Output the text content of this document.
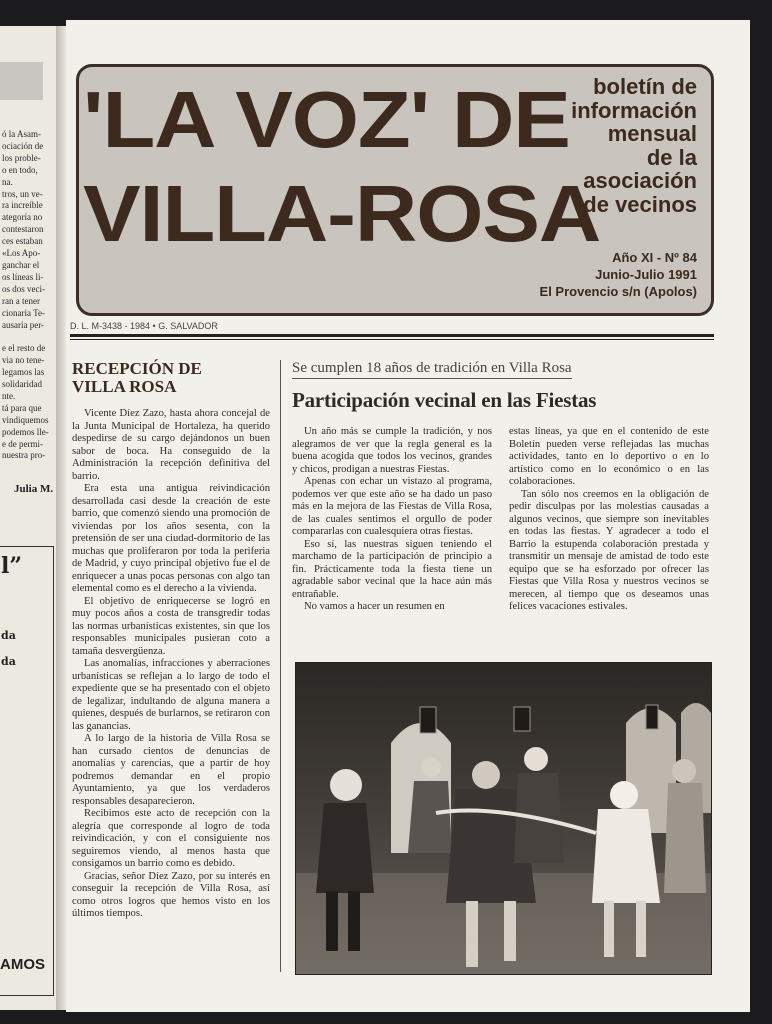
ó la Asam-
ociación de
los proble-
o en todo,
na.
tros, un ve-
ra increíble
ategoría no
contestaron
ces estaban
«Los Apo-
ganchar el
os líneas li-
os dos veci-
ran a tener
cionaria Te-
ausaria per-

e el resto de
via no tene-
legamos las
solidaridad
nte.
tá para que
vindiquemos
podemos lle-
e de permi-
nuestra pro-
Julia M.
l”
da
da
AMOS
'LA VOZ' DE
VILLA-ROSA
boletín de
información
mensual
de la
asociación
de vecinos
Año XI - Nº 84
Junio-Julio 1991
El Provencio s/n (Apolos)
D. L. M-3438 - 1984 • G. SALVADOR
RECEPCIÓN DE
VILLA ROSA

Vicente Díez Zazo, hasta ahora concejal de la Junta Municipal de Hortaleza, ha querido despedirse de su cargo dejándonos un buen sabor de boca. Ha conseguido de la Administración la recepción definitiva del barrio.

Era esta una antigua reivindicación desarrollada casi desde la creación de este barrio, que comenzó siendo una promoción de viviendas por los años sesenta, con la pretensión de ser una ciudad-dormitorio de las muchas que proliferaron por toda la periferia de Madrid, y cuyo principal objetivo fue el de enriquecer a unas pocas personas con algo tan elemental como es el derecho a la vivienda.

El objetivo de enriquecerse se logró en muy pocos años a costa de transgredir todas las normas urbanísticas existentes, sin que los responsables municipales pusieran coto a tamaña desvergüenza.

Las anomalías, infracciones y aberraciones urbanísticas se reflejan a lo largo de todo el expediente que se ha presentado con el objeto de legalizar, indultando de alguna manera a quienes, después de burlarnos, se retiraron con las ganancias.

A lo largo de la historia de Villa Rosa se han cursado cientos de denuncias de anomalías y carencias, que a partir de hoy podremos demandar en el propio Ayuntamiento, ya que los verdaderos responsables desaparecieron.

Recibimos este acto de recepción con la alegría que corresponde al logro de toda reivindicación, y con el consiguiente nos seguiremos viendo, al menos hasta que consigamos un barrio como es debido.

Gracias, señor Díez Zazo, por su interés en conseguir la recepción de Villa Rosa, así como otros logros que hemos visto en los últimos tiempos.

Se cumplen 18 años de tradición en Villa Rosa
Participación vecinal en las Fiestas

Un año más se cumple la tradición, y nos alegramos de ver que la regla general es la buena acogida que todos los vecinos, grandes y chicos, prodigan a nuestras Fiestas.

Apenas con echar un vistazo al programa, podemos ver que este año se ha dado un paso más en la mejora de las Fiestas de Villa Rosa, de las cuales sentimos el orgullo de poder compararlas con cualesquiera otras fiestas.

Eso sí, las nuestras siguen teniendo el marchamo de la participación de principio a fin. Prácticamente toda la fiesta tiene un agradable sabor vecinal que la hace aún más entrañable.

No vamos a hacer un resumen en

estas líneas, ya que en el contenido de este Boletín pueden verse reflejadas las muchas actividades, tanto en lo deportivo o en lo artístico como en lo económico o en las colaboraciones.

Tan sólo nos creemos en la obligación de pedir disculpas por las molestias causadas a algunos vecinos, que siempre son inevitables en todas las fiestas. Y agradecer a todo el Barrio la estupenda colaboración prestada y transmitir un mensaje de amistad de todo este equipo que se ha esforzado por ofrecer las Fiestas que Villa Rosa y nuestros vecinos se merecen, al tiempo que os deseamos unas felices vacaciones estivales.
